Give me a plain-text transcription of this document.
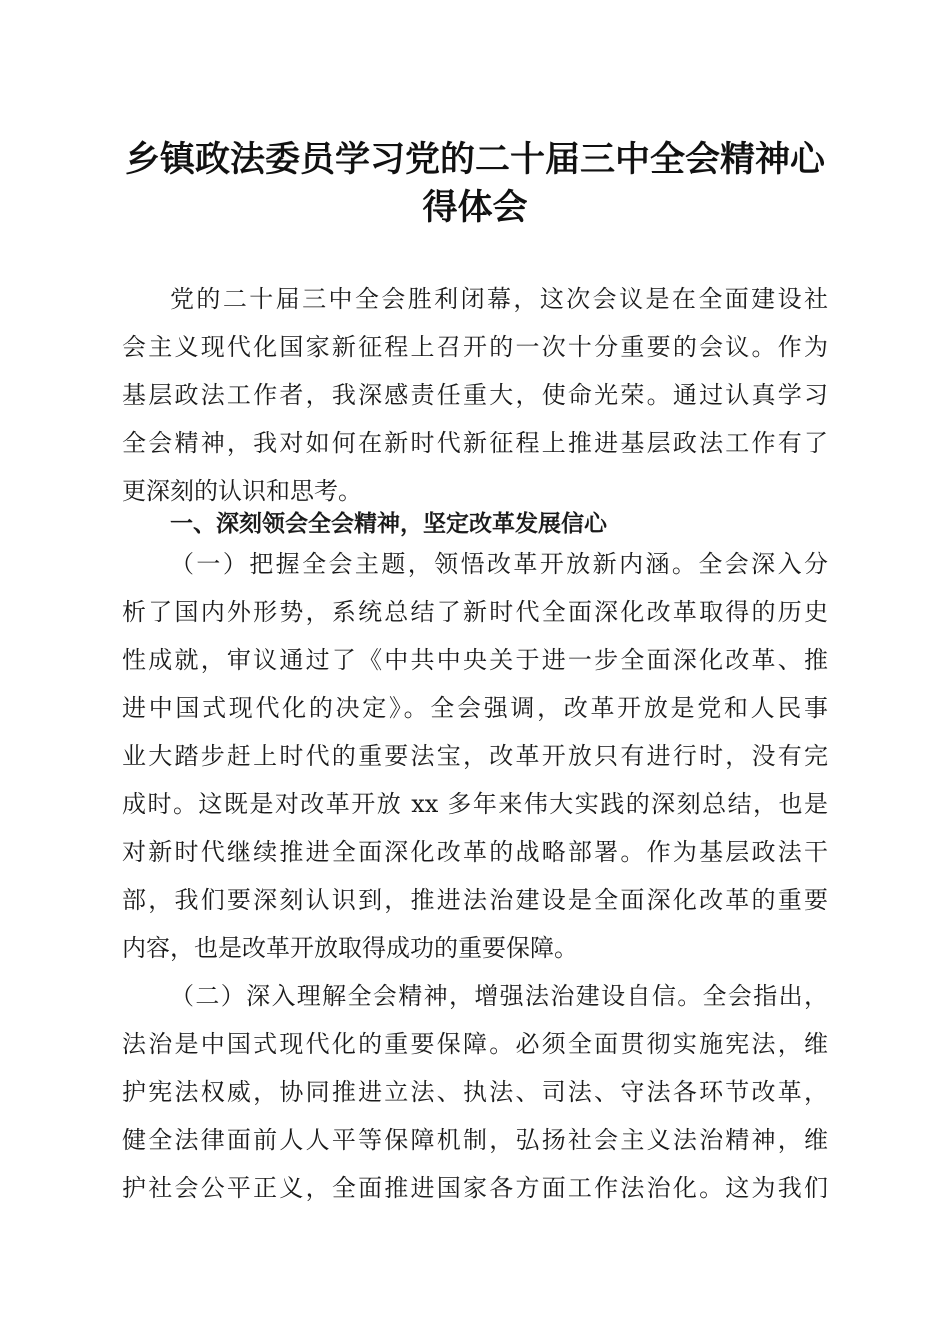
乡镇政法委员学习党的二十届三中全会精神心
得体会
党的二十届三中全会胜利闭幕，这次会议是在全面建设社
会主义现代化国家新征程上召开的一次十分重要的会议。作为
基层政法工作者，我深感责任重大，使命光荣。通过认真学习
全会精神，我对如何在新时代新征程上推进基层政法工作有了
更深刻的认识和思考。
一、深刻领会全会精神，坚定改革发展信心
（一）把握全会主题，领悟改革开放新内涵。全会深入分
析了国内外形势，系统总结了新时代全面深化改革取得的历史
性成就，审议通过了《中共中央关于进一步全面深化改革、推
进中国式现代化的决定》。全会强调，改革开放是党和人民事
业大踏步赶上时代的重要法宝，改革开放只有进行时，没有完
成时。这既是对改革开放 xx 多年来伟大实践的深刻总结，也是
对新时代继续推进全面深化改革的战略部署。作为基层政法干
部，我们要深刻认识到，推进法治建设是全面深化改革的重要
内容，也是改革开放取得成功的重要保障。
（二）深入理解全会精神，增强法治建设自信。全会指出，
法治是中国式现代化的重要保障。必须全面贯彻实施宪法，维
护宪法权威，协同推进立法、执法、司法、守法各环节改革，
健全法律面前人人平等保障机制，弘扬社会主义法治精神，维
护社会公平正义，全面推进国家各方面工作法治化。这为我们
